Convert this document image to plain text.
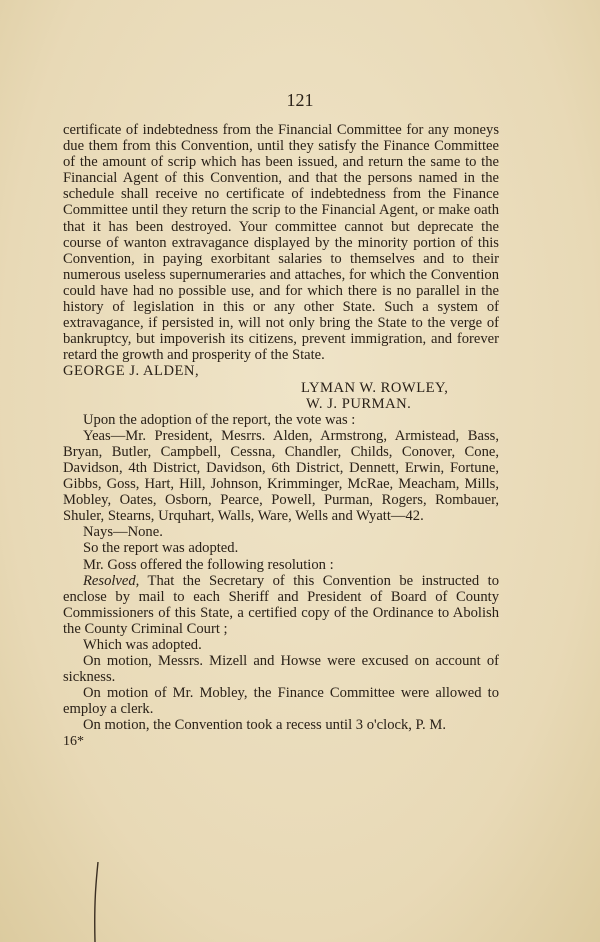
121

certificate of indebtedness from the Financial Committee for any moneys due them from this Convention, until they satisfy the Finance Committee of the amount of scrip which has been issued, and return the same to the Financial Agent of this Convention, and that the persons named in the schedule shall receive no certificate of indebtedness from the Finance Committee until they return the scrip to the Financial Agent, or make oath that it has been destroyed. Your committee cannot but deprecate the course of wanton extravagance displayed by the minority portion of this Convention, in paying exorbitant salaries to themselves and to their numerous useless supernumeraries and attaches, for which the Convention could have had no possible use, and for which there is no parallel in the history of legislation in this or any other State. Such a system of extravagance, if persisted in, will not only bring the State to the verge of bankruptcy, but impoverish its citizens, prevent immigration, and forever retard the growth and prosperity of the State.

GEORGE J. ALDEN,

LYMAN W. ROWLEY,

W. J. PURMAN.

Upon the adoption of the report, the vote was :

Yeas—Mr. President, Mesrrs. Alden, Armstrong, Armistead, Bass, Bryan, Butler, Campbell, Cessna, Chandler, Childs, Conover, Cone, Davidson, 4th District, Davidson, 6th District, Dennett, Erwin, Fortune, Gibbs, Goss, Hart, Hill, Johnson, Krimminger, McRae, Meacham, Mills, Mobley, Oates, Osborn, Pearce, Powell, Purman, Rogers, Rombauer, Shuler, Stearns, Urquhart, Walls, Ware, Wells and Wyatt—42.

Nays—None.

So the report was adopted.

Mr. Goss offered the following resolution :

Resolved, That the Secretary of this Convention be instructed to enclose by mail to each Sheriff and President of Board of County Commissioners of this State, a certified copy of the Ordinance to Abolish the County Criminal Court ;

Which was adopted.

On motion, Messrs. Mizell and Howse were excused on account of sickness.

On motion of Mr. Mobley, the Finance Committee were allowed to employ a clerk.

On motion, the Convention took a recess until 3 o'clock, P. M.

16*
